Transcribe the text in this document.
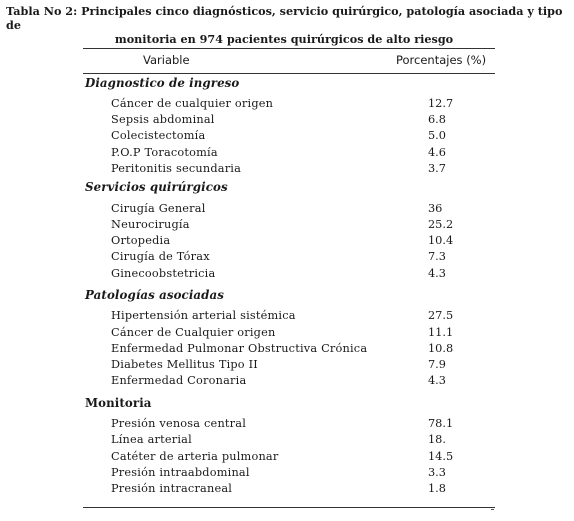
Tabla No 2: Principales cinco diagnósticos, servicio quirúrgico, patología asociada y tipo de
monitoria en 974 pacientes quirúrgicos de alto riesgo
Variable	Porcentajes (%)
Diagnostico de ingreso
Cáncer de cualquier origen	12.7
Sepsis abdominal	6.8
Colecistectomía	5.0
P.O.P Toracotomía	4.6
Peritonitis secundaria	3.7
Servicios quirúrgicos
Cirugía General	36
Neurocirugía	25.2
Ortopedia	10.4
Cirugía de Tórax	7.3
Ginecoobstetricia	4.3
Patologías asociadas
Hipertensión arterial sistémica	27.5
Cáncer de Cualquier origen	11.1
Enfermedad Pulmonar Obstructiva Crónica	10.8
Diabetes Mellitus Tipo II	7.9
Enfermedad Coronaria	4.3
Monitoria
Presión venosa central	78.1
Línea arterial	18.
Catéter de arteria pulmonar	14.5
Presión intraabdominal	3.3
Presión intracraneal	1.8
